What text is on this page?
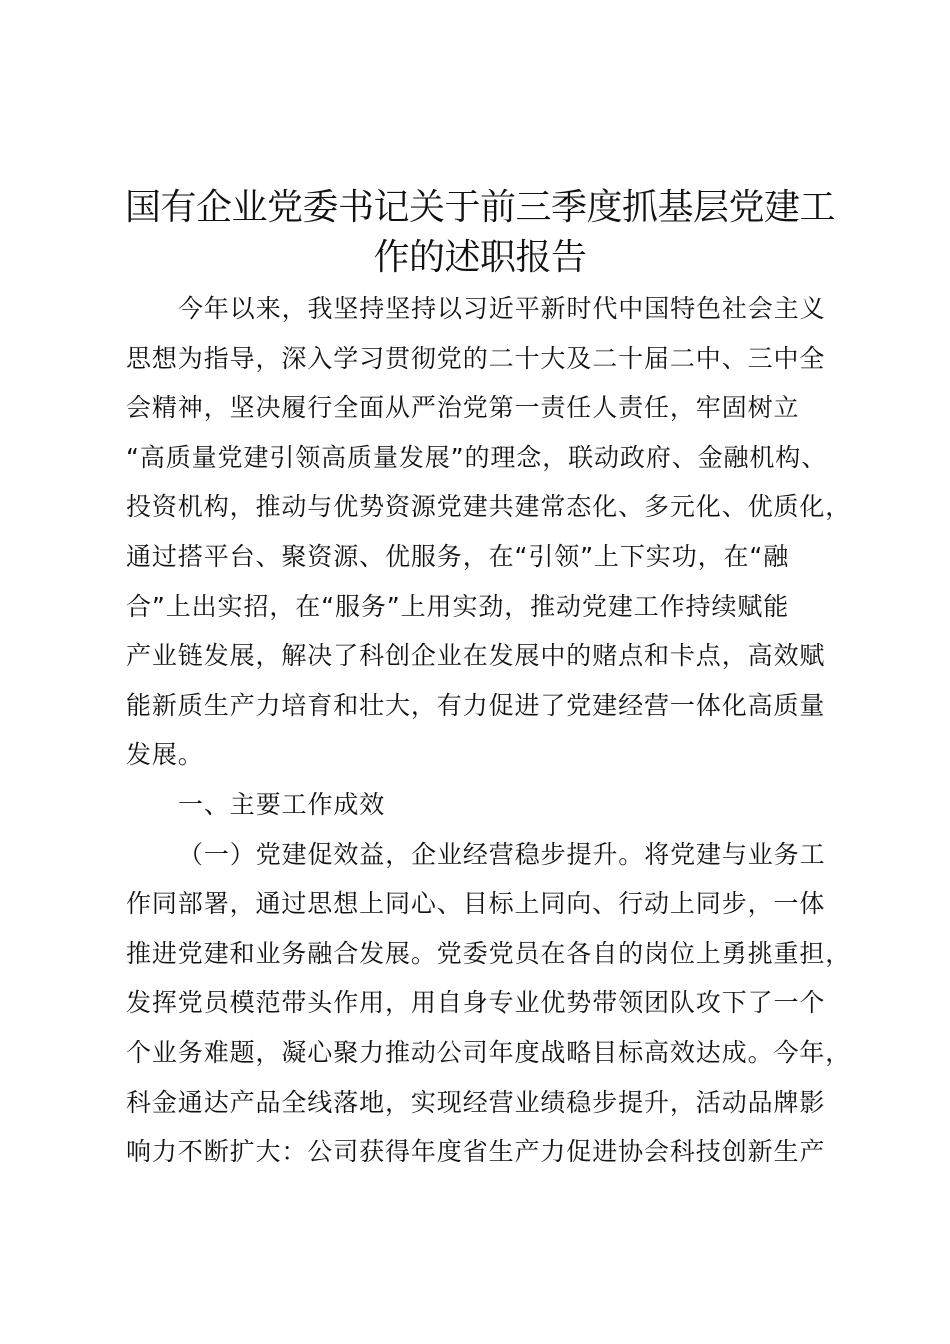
国有企业党委书记关于前三季度抓基层党建工
作的述职报告
今年以来，我坚持坚持以习近平新时代中国特色社会主义
思想为指导，深入学习贯彻党的二十大及二十届二中、三中全
会精神，坚决履行全面从严治党第一责任人责任，牢固树立
“高质量党建引领高质量发展”的理念，联动政府、金融机构、
投资机构，推动与优势资源党建共建常态化、多元化、优质化，
通过搭平台、聚资源、优服务，在“引领”上下实功，在“融
合”上出实招，在“服务”上用实劲，推动党建工作持续赋能
产业链发展，解决了科创企业在发展中的赌点和卡点，高效赋
能新质生产力培育和壮大，有力促进了党建经营一体化高质量
发展。
一、主要工作成效
（一）党建促效益，企业经营稳步提升。将党建与业务工
作同部署，通过思想上同心、目标上同向、行动上同步，一体
推进党建和业务融合发展。党委党员在各自的岗位上勇挑重担，
发挥党员模范带头作用，用自身专业优势带领团队攻下了一个
个业务难题，凝心聚力推动公司年度战略目标高效达成。今年，
科金通达产品全线落地，实现经营业绩稳步提升，活动品牌影
响力不断扩大：公司获得年度省生产力促进协会科技创新生产
